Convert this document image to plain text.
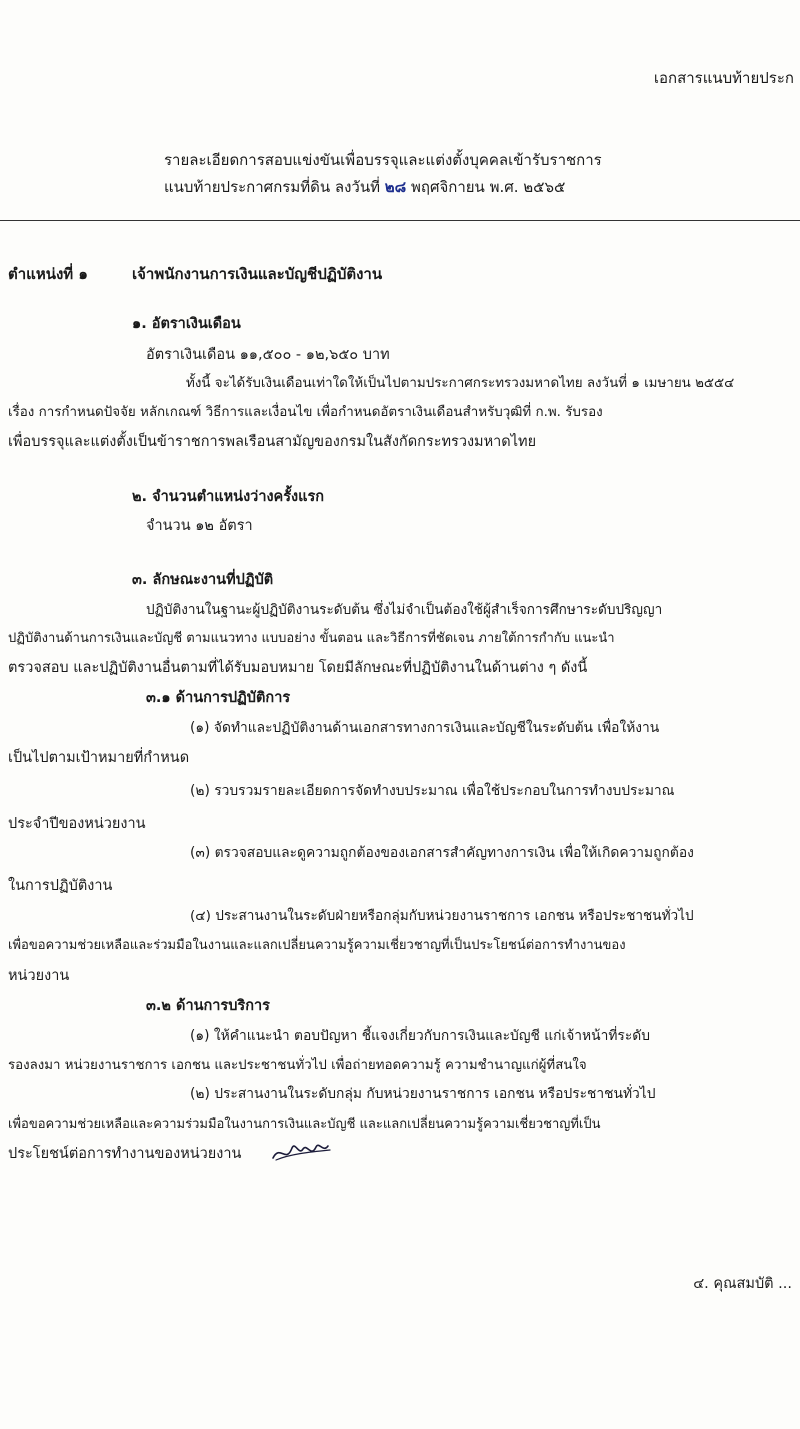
เอกสารแนบท้ายประก
รายละเอียดการสอบแข่งขันเพื่อบรรจุและแต่งตั้งบุคคลเข้ารับราชการ
แนบท้ายประกาศกรมที่ดิน ลงวันที่ ๒๘ พฤศจิกายน พ.ศ. ๒๕๖๕
ตำแหน่งที่ ๑	เจ้าพนักงานการเงินและบัญชีปฏิบัติงาน
๑. อัตราเงินเดือน
อัตราเงินเดือน ๑๑,๕๐๐ - ๑๒,๖๕๐ บาท
ทั้งนี้ จะได้รับเงินเดือนเท่าใดให้เป็นไปตามประกาศกระทรวงมหาดไทย ลงวันที่ ๑ เมษายน ๒๕๕๔
เรื่อง การกำหนดปัจจัย หลักเกณฑ์ วิธีการและเงื่อนไข เพื่อกำหนดอัตราเงินเดือนสำหรับวุฒิที่ ก.พ. รับรอง
เพื่อบรรจุและแต่งตั้งเป็นข้าราชการพลเรือนสามัญของกรมในสังกัดกระทรวงมหาดไทย
๒. จำนวนตำแหน่งว่างครั้งแรก
จำนวน ๑๒ อัตรา
๓. ลักษณะงานที่ปฏิบัติ
ปฏิบัติงานในฐานะผู้ปฏิบัติงานระดับต้น ซึ่งไม่จำเป็นต้องใช้ผู้สำเร็จการศึกษาระดับปริญญา
ปฏิบัติงานด้านการเงินและบัญชี ตามแนวทาง แบบอย่าง ขั้นตอน และวิธีการที่ชัดเจน ภายใต้การกำกับ แนะนำ
ตรวจสอบ และปฏิบัติงานอื่นตามที่ได้รับมอบหมาย โดยมีลักษณะที่ปฏิบัติงานในด้านต่าง ๆ ดังนี้
๓.๑ ด้านการปฏิบัติการ
(๑) จัดทำและปฏิบัติงานด้านเอกสารทางการเงินและบัญชีในระดับต้น เพื่อให้งาน
เป็นไปตามเป้าหมายที่กำหนด
(๒) รวบรวมรายละเอียดการจัดทำงบประมาณ เพื่อใช้ประกอบในการทำงบประมาณ
ประจำปีของหน่วยงาน
(๓) ตรวจสอบและดูความถูกต้องของเอกสารสำคัญทางการเงิน เพื่อให้เกิดความถูกต้อง
ในการปฏิบัติงาน
(๔) ประสานงานในระดับฝ่ายหรือกลุ่มกับหน่วยงานราชการ เอกชน หรือประชาชนทั่วไป
เพื่อขอความช่วยเหลือและร่วมมือในงานและแลกเปลี่ยนความรู้ความเชี่ยวชาญที่เป็นประโยชน์ต่อการทำงานของ
หน่วยงาน
๓.๒ ด้านการบริการ
(๑) ให้คำแนะนำ ตอบปัญหา ชี้แจงเกี่ยวกับการเงินและบัญชี แก่เจ้าหน้าที่ระดับ
รองลงมา หน่วยงานราชการ เอกชน และประชาชนทั่วไป เพื่อถ่ายทอดความรู้ ความชำนาญแก่ผู้ที่สนใจ
(๒) ประสานงานในระดับกลุ่ม กับหน่วยงานราชการ เอกชน หรือประชาชนทั่วไป
เพื่อขอความช่วยเหลือและความร่วมมือในงานการเงินและบัญชี และแลกเปลี่ยนความรู้ความเชี่ยวชาญที่เป็น
ประโยชน์ต่อการทำงานของหน่วยงาน
๔. คุณสมบัติ ...
